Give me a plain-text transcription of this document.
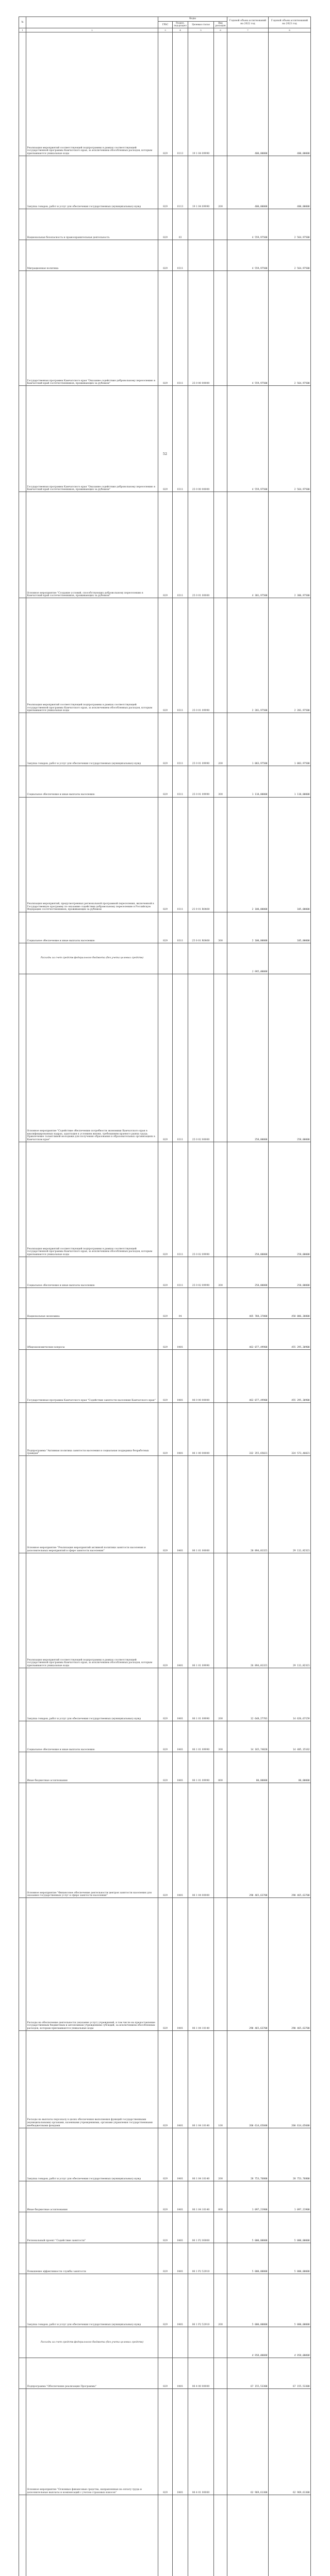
№		Коды				Годовой объем ассигнований на 2022 год	Годовой объем ассигнований на 2023 год
		ГРБС	Раздел, под-раздел	Целевая статья	Вид расходов		
1	2	3	4	5	6	7	8
	Реализация мероприятий соответствующей подпрограммы в рамках соответствующей государственной программы Камчатского края, за исключением обособленных расходов, которым присваиваются уникальные коды	829	0113	19 1 04 09990		400,00000	400,00000
	Закупка товаров, работ и услуг для обеспечения государственных (муниципальных) нужд	829	0113	19 1 04 09990	200	400,00000	400,00000
	Национальная безопасность и правоохранительная деятельность	829	03			4 559,97500	2 564,97500
	Миграционная политика	829	0311			4 559,97500	2 564,97500
	Государственная программа Камчатского края "Оказание содействия добровольному переселению в Камчатский край соотечественников, проживающих за рубежом"	829	0311	25 0 00 00000		4 559,97500	2 564,97500
	Государственная программа Камчатского края "Оказание содействия добровольному переселению в Камчатский край соотечественников, проживающих за рубежом"	829	0311	25 0 00 00000		4 559,97500	2 564,97500
	Основное мероприятие "Создание условий, способствующих добровольному переселению в Камчатский край соотечественников, проживающих за рубежом"	829	0311	25 0 01 00000		4 301,97500	2 306,97500
	Реализация мероприятий соответствующей подпрограммы в рамках соответствующей государственной программы Камчатского края, за исключением обособленных расходов, которым присваиваются уникальные коды	829	0311	25 0 01 09990		2 201,97500	2 201,97500
	Закупка товаров, работ и услуг для обеспечения государственных (муниципальных) нужд	829	0311	25 0 01 09990	200	1 083,97500	1 083,97500
	Социальное обеспечение и иные выплаты населению	829	0311	25 0 01 09990	300	1 118,00000	1 118,00000
	Реализация мероприятий, предусмотренных региональной программой переселения, включенной в Государственную программу по оказанию содействия добровольному переселению в Российскую Федерацию соотечественников, проживающих за рубежом	829	0311	25 0 01 R0860		2 100,00000	105,00000
	Социальное обеспечение и иные выплаты населению	829	0311	25 0 01 R0860	300	2 100,00000	105,00000
	Расходы за счет средств федерального бюджета (без учета целевых средств)					1 995,00000	
	Основное мероприятие "Содействие обеспечению потребности экономики Камчатского края в квалифицированных кадрах, адаптация к условиям жизни, требованиям краевого рынка труда; Привлечение талантливой молодежи для получения образования в образовательных организациях в Камчатском крае"	829	0311	25 0 02 00000		258,00000	258,00000
	Реализация мероприятий соответствующей подпрограммы в рамках соответствующей государственной программы Камчатского края, за исключением обособленных расходов, которым присваиваются уникальные коды	829	0311	25 0 02 09990		258,00000	258,00000
	Социальное обеспечение и иные выплаты населению	829	0311	25 0 02 09990	300	258,00000	258,00000
	Национальная экономика	829	04			465 788,37800	458 006,38800
	Общеэкономические вопросы	829	0401			463 077,49900	455 295,30900
	Государственная программа Камчатского края "Содействие занятости населения Камчатского края"	829	0401	06 0 00 00000		463 077,49900	455 295,30900
	Подпрограмма "Активная политика занятости населения и социальная поддержка безработных граждан"	829	0401	06 1 00 00000		332 355,65021	324 573,46021
	Основное мероприятие "Реализация мероприятий активной политики занятости населения и дополнительных мероприятий в сфере занятости населения"	829	0401	06 1 01 00000		20 894,01321	29 111,82321
	Реализация мероприятий соответствующей подпрограммы в рамках соответствующей государственной программы Камчатского края, за исключением обособленных расходов, которым присваиваются уникальные коды	829	0401	06 1 01 09990		26 894,01321	29 111,82321
	Закупка товаров, работ и услуг для обеспечения государственных (муниципальных) нужд	829	0401	06 1 01 09990	200	12 648,27701	14 626,67159
	Социальное обеспечение и иные выплаты населению	829	0401	06 1 01 09990	300	14 165,74020	14 405,15162
	Иные бюджетные ассигнования	829	0401	06 1 01 09990	800	80,00000	80,00000
	Основное мероприятие "Финансовое обеспечение деятельности центров занятости населения для оказания государственных услуг в сфере занятости населения"	829	0401	06 1 04 00000		290 465,63700	290 465,63700
	Расходы на обеспечение деятельности (оказание услуг) учреждений, в том числе на предоставление государственным бюджетным и автономным учреждениям субсидий, за исключением обособленных расходов, которым присваиваются уникальные коды	829	0401	06 1 04 10140		290 465,63700	290 465,63700
	Расходы на выплаты персоналу в целях обеспечения выполнения функций государственными (муниципальными) органами, казенными учреждениями, органами управления государственными внебюджетными фондами	829	0401	06 1 04 10140	100	260 614,65600	260 614,65600
	Закупка товаров, работ и услуг для обеспечения государственных (муниципальных) нужд	829	0401	06 1 04 10140	200	28 753,76800	28 753,76800
	Иные бюджетные ассигнования	829	0401	06 1 04 10140	800	1 097,21900	1 097,21900
	Региональный проект "Содействие занятости"	829	0401	06 1 P2 00000		5 000,00000	5 000,00000
	Повышение эффективности службы занятости	829	0401	06 1 P2 52910		5 000,00000	5 000,00000
	Закупка товаров, работ и услуг для обеспечения государственных (муниципальных) нужд	829	0401	06 1 P2 52910	200	5 000,00000	5 000,00000
	Расходы за счет средств федерального бюджета (без учета целевых средств)					4 950,00000	4 950,00000
	Подпрограмма "Обеспечение реализации Программы"	829	0401	06 4 00 00000		67 155,53300	67 155,53300
	Основное мероприятие "Основные финансовые средства, направленные на оплату труда и дополнительные выплаты и компенсаций с учетом страховых взносов"	829	0401	06 4 01 00000		62 969,61300	62 969,61300

52
